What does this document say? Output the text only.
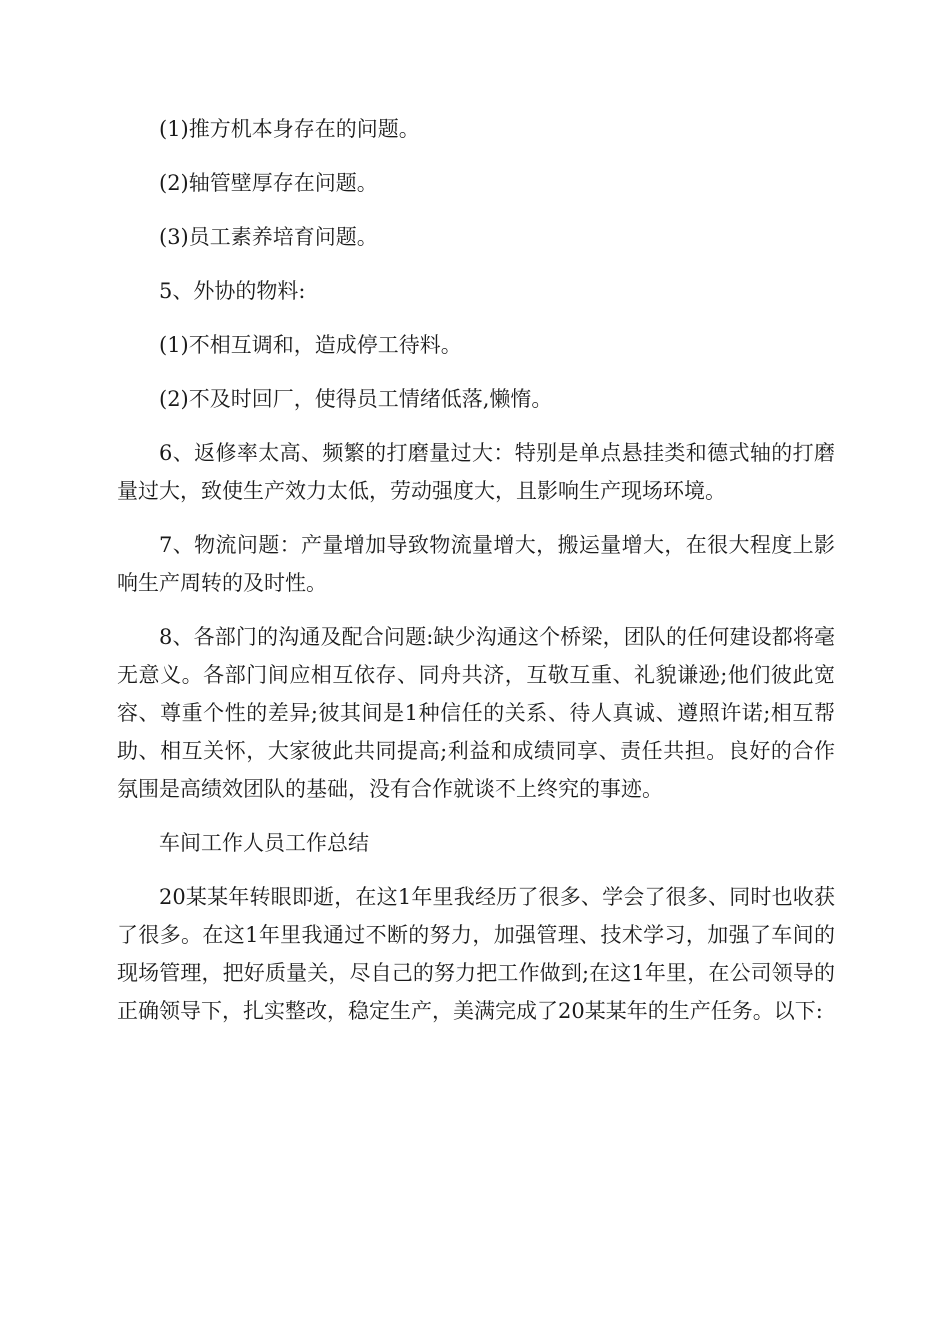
(1)推方机本身存在的问题。

(2)轴管壁厚存在问题。

(3)员工素养培育问题。

5、外协的物料:

(1)不相互调和，造成停工待料。

(2)不及时回厂，使得员工情绪低落,懒惰。

6、返修率太高、频繁的打磨量过大：特别是单点悬挂类和德式轴的打磨量过大，致使生产效力太低，劳动强度大，且影响生产现场环境。

7、物流问题：产量增加导致物流量增大，搬运量增大，在很大程度上影响生产周转的及时性。

8、各部门的沟通及配合问题:缺少沟通这个桥梁，团队的任何建设都将毫无意义。各部门间应相互依存、同舟共济，互敬互重、礼貌谦逊;他们彼此宽容、尊重个性的差异;彼其间是1种信任的关系、待人真诚、遵照许诺;相互帮助、相互关怀，大家彼此共同提高;利益和成绩同享、责任共担。良好的合作氛围是高绩效团队的基础，没有合作就谈不上终究的事迹。

车间工作人员工作总结

20某某年转眼即逝，在这1年里我经历了很多、学会了很多、同时也收获了很多。在这1年里我通过不断的努力，加强管理、技术学习，加强了车间的现场管理，把好质量关，尽自己的努力把工作做到;在这1年里，在公司领导的正确领导下，扎实整改，稳定生产，美满完成了20某某年的生产任务。以下:
